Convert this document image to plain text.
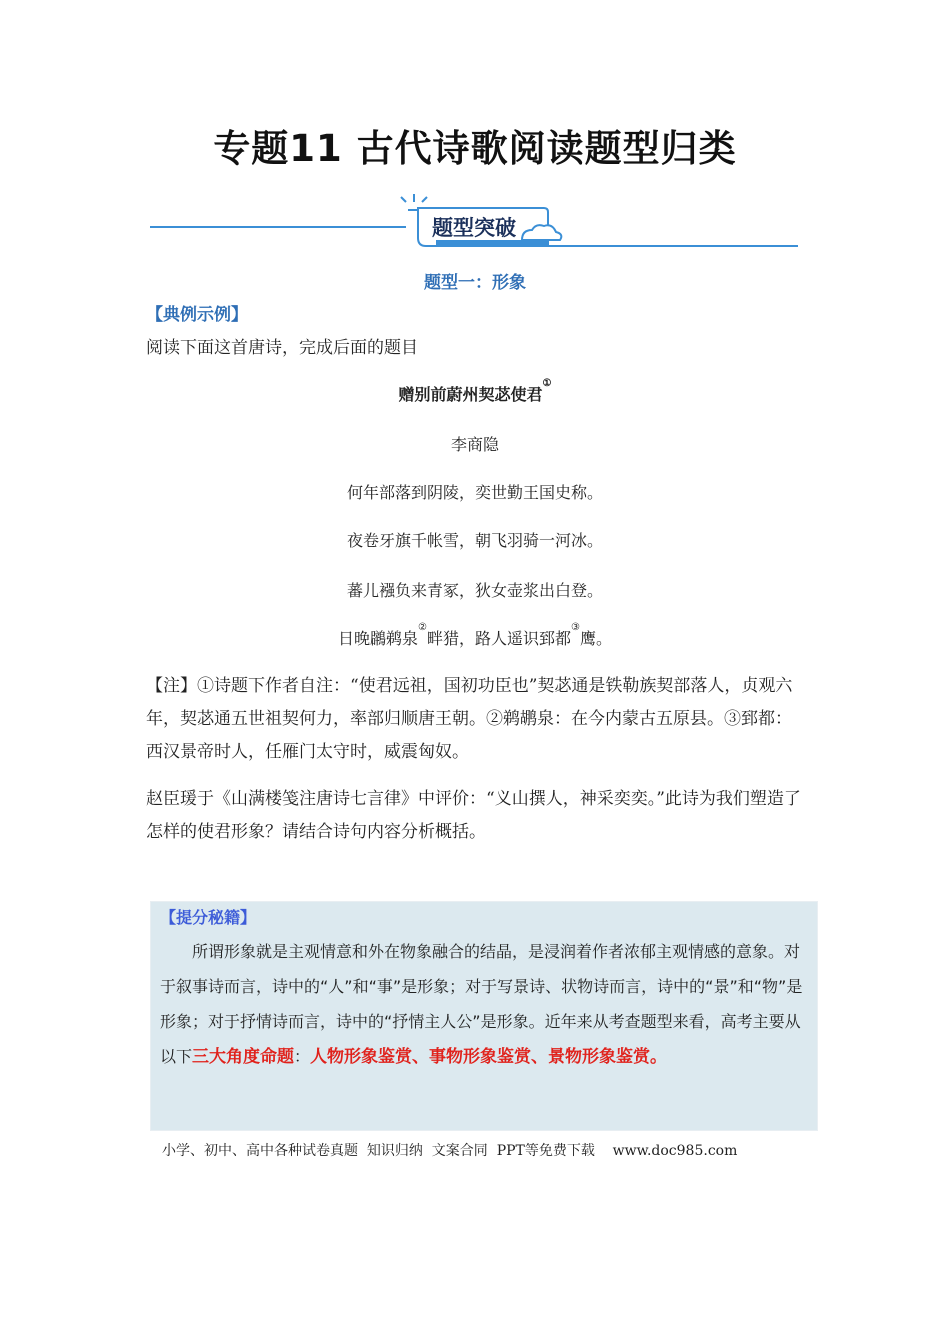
专题11 古代诗歌阅读题型归类
题型突破
题型一：形象
【典例示例】
阅读下面这首唐诗，完成后面的题目
赠别前蔚州契苾使君①
李商隐
何年部落到阴陵，奕世勤王国史称。
夜卷牙旗千帐雪，朝飞羽骑一河冰。
蕃儿襁负来青冢，狄女壶浆出白登。
日晚鸊鹈泉②畔猎，路人遥识郅都③鹰。
【注】①诗题下作者自注：“使君远祖，国初功臣也”契苾通是铁勒族契部落人，贞观六年，契苾通五世祖契何力，率部归顺唐王朝。②鹈鹕泉：在今内蒙古五原县。③郅都：西汉景帝时人，任雁门太守时，威震匈奴。
赵臣瑗于《山满楼笺注唐诗七言律》中评价：“义山撰人，神采奕奕。”此诗为我们塑造了怎样的使君形象？请结合诗句内容分析概括。
【提分秘籍】
所谓形象就是主观情意和外在物象融合的结晶，是浸润着作者浓郁主观情感的意象。对于叙事诗而言，诗中的“人”和“事”是形象；对于写景诗、状物诗而言，诗中的“景”和“物”是形象；对于抒情诗而言，诗中的“抒情主人公”是形象。近年来从考查题型来看，高考主要从以下三大角度命题：人物形象鉴赏、事物形象鉴赏、景物形象鉴赏。
小学、初中、高中各种试卷真题  知识归纳  文案合同  PPT等免费下载    www.doc985.com
